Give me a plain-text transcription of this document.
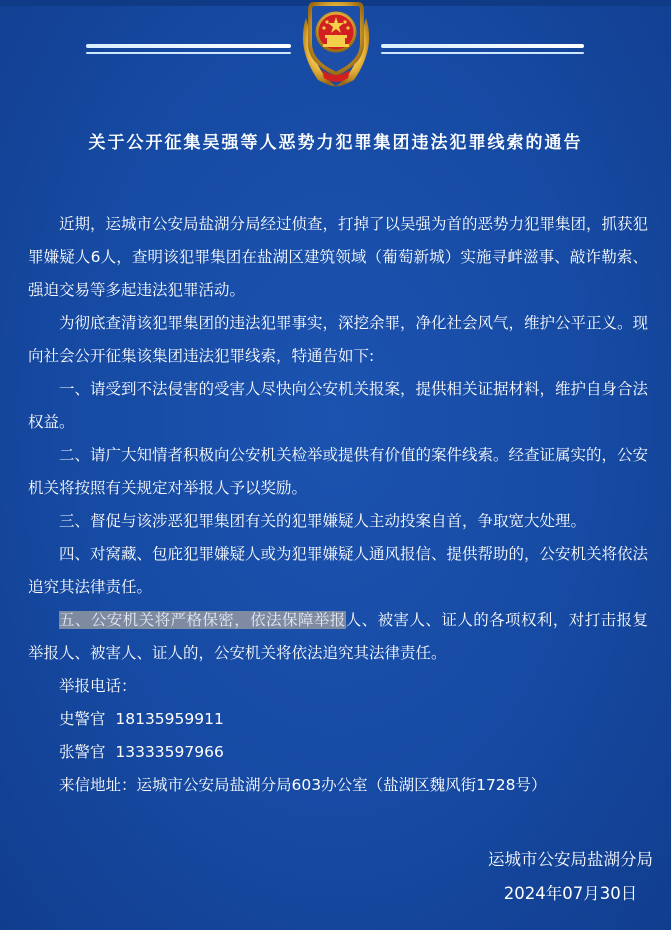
关于公开征集吴强等人恶势力犯罪集团违法犯罪线索的通告

近期，运城市公安局盐湖分局经过侦查，打掉了以吴强为首的恶势力犯罪集团，抓获犯罪嫌疑人6人，查明该犯罪集团在盐湖区建筑领域（葡萄新城）实施寻衅滋事、敲诈勒索、强迫交易等多起违法犯罪活动。

为彻底查清该犯罪集团的违法犯罪事实，深挖余罪，净化社会风气，维护公平正义。现向社会公开征集该集团违法犯罪线索，特通告如下:

一、请受到不法侵害的受害人尽快向公安机关报案，提供相关证据材料，维护自身合法权益。

二、请广大知情者积极向公安机关检举或提供有价值的案件线索。经查证属实的，公安机关将按照有关规定对举报人予以奖励。

三、督促与该涉恶犯罪集团有关的犯罪嫌疑人主动投案自首，争取宽大处理。

四、对窝藏、包庇犯罪嫌疑人或为犯罪嫌疑人通风报信、提供帮助的，公安机关将依法追究其法律责任。

五、公安机关将严格保密，依法保障举报人、被害人、证人的各项权利，对打击报复举报人、被害人、证人的，公安机关将依法追究其法律责任。

举报电话：

史警官  18135959911

张警官  13333597966

来信地址：运城市公安局盐湖分局603办公室（盐湖区魏风街1728号）

运城市公安局盐湖分局
2024年07月30日
